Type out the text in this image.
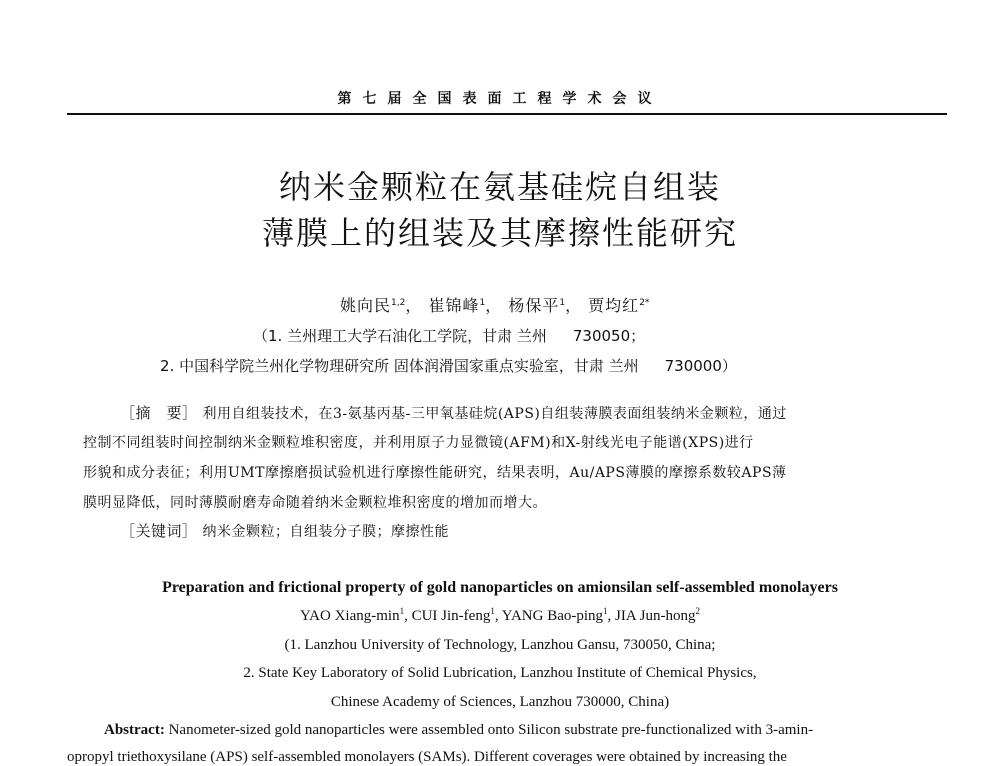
第七届全国表面工程学术会议
纳米金颗粒在氨基硅烷自组装
薄膜上的组装及其摩擦性能研究
姚向民$^{1,2}$， 崔锦峰$^1$， 杨保平$^1$， 贾均红$^{2*}$
（1. 兰州理工大学石油化工学院，甘肃 兰州 730050；
2. 中国科学院兰州化学物理研究所 固体润滑国家重点实验室，甘肃 兰州 730000）
［摘　要］ 利用自组装技术，在3-氨基丙基-三甲氧基硅烷(APS)自组装薄膜表面组装纳米金颗粒，通过
控制不同组装时间控制纳米金颗粒堆积密度，并利用原子力显微镜(AFM)和X-射线光电子能谱(XPS)进行
形貌和成分表征；利用UMT摩擦磨损试验机进行摩擦性能研究，结果表明，Au/APS薄膜的摩擦系数较APS薄
膜明显降低，同时薄膜耐磨寿命随着纳米金颗粒堆积密度的增加而增大。
［关键词］ 纳米金颗粒；自组装分子膜；摩擦性能
Preparation and frictional property of gold nanoparticles on amionsilan self-assembled monolayers
YAO Xiang-$\min^1$, CUI Jin-feng$^1$, YANG Bao-ping$^1$, JIA Jun-hong$^2$
(1. Lanzhou University of Technology, Lanzhou Gansu, 730050, China;
2. State Key Laboratory of Solid Lubrication, Lanzhou Institute of Chemical Physics,
Chinese Academy of Sciences, Lanzhou 730000, China)
Abstract: Nanometer-sized gold nanoparticles were assembled onto Silicon substrate pre-functionalized with 3-amin-
opropyl triethoxysilane (APS) self-assembled monolayers (SAMs). Different coverages were obtained by increasing the
